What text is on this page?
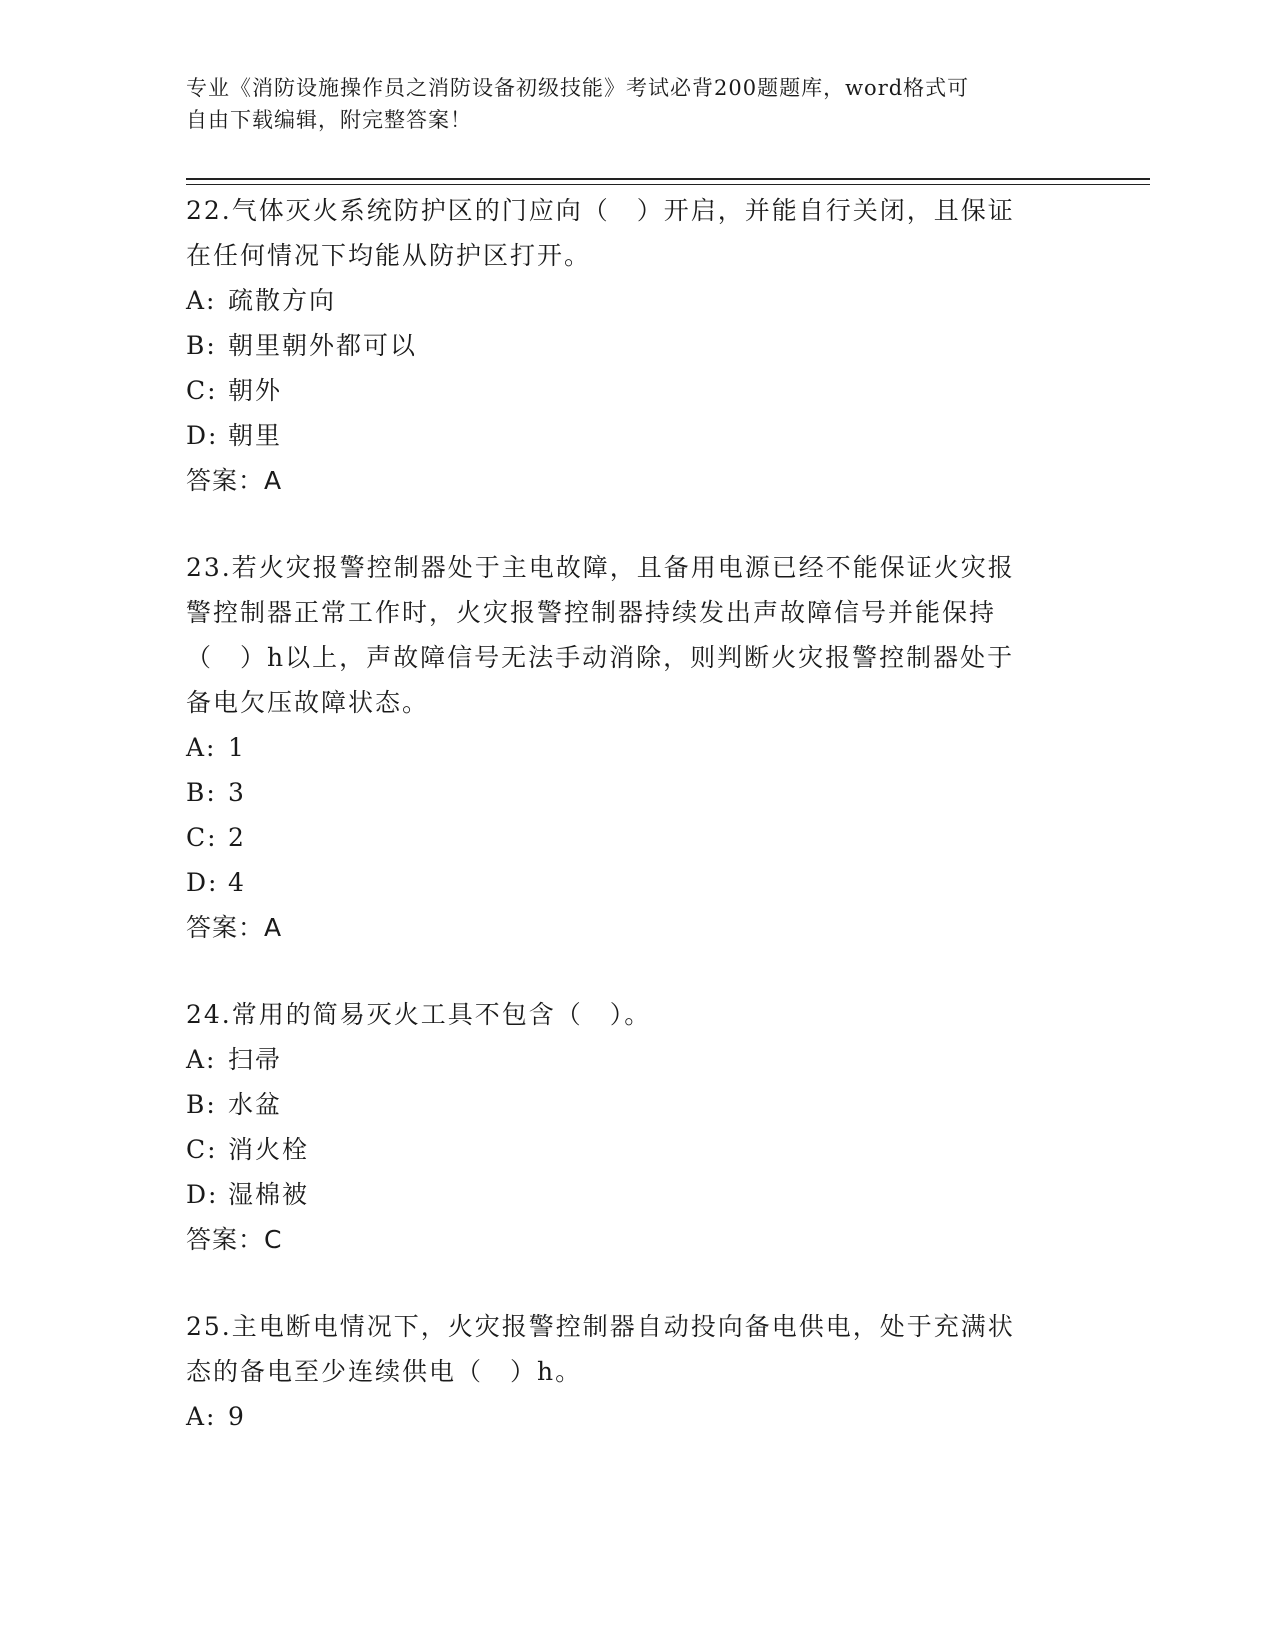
专业《消防设施操作员之消防设备初级技能》考试必背200题题库，word格式可
自由下载编辑，附完整答案！
22.气体灭火系统防护区的门应向（　）开启，并能自行关闭，且保证
在任何情况下均能从防护区打开。
A: 疏散方向
B: 朝里朝外都可以
C: 朝外
D: 朝里
答案：A
23.若火灾报警控制器处于主电故障，且备用电源已经不能保证火灾报
警控制器正常工作时，火灾报警控制器持续发出声故障信号并能保持
（　）h以上，声故障信号无法手动消除，则判断火灾报警控制器处于
备电欠压故障状态。
A: 1
B: 3
C: 2
D: 4
答案：A
24.常用的简易灭火工具不包含（　）。
A: 扫帚
B: 水盆
C: 消火栓
D: 湿棉被
答案：C
25.主电断电情况下，火灾报警控制器自动投向备电供电，处于充满状
态的备电至少连续供电（　）h。
A: 9
